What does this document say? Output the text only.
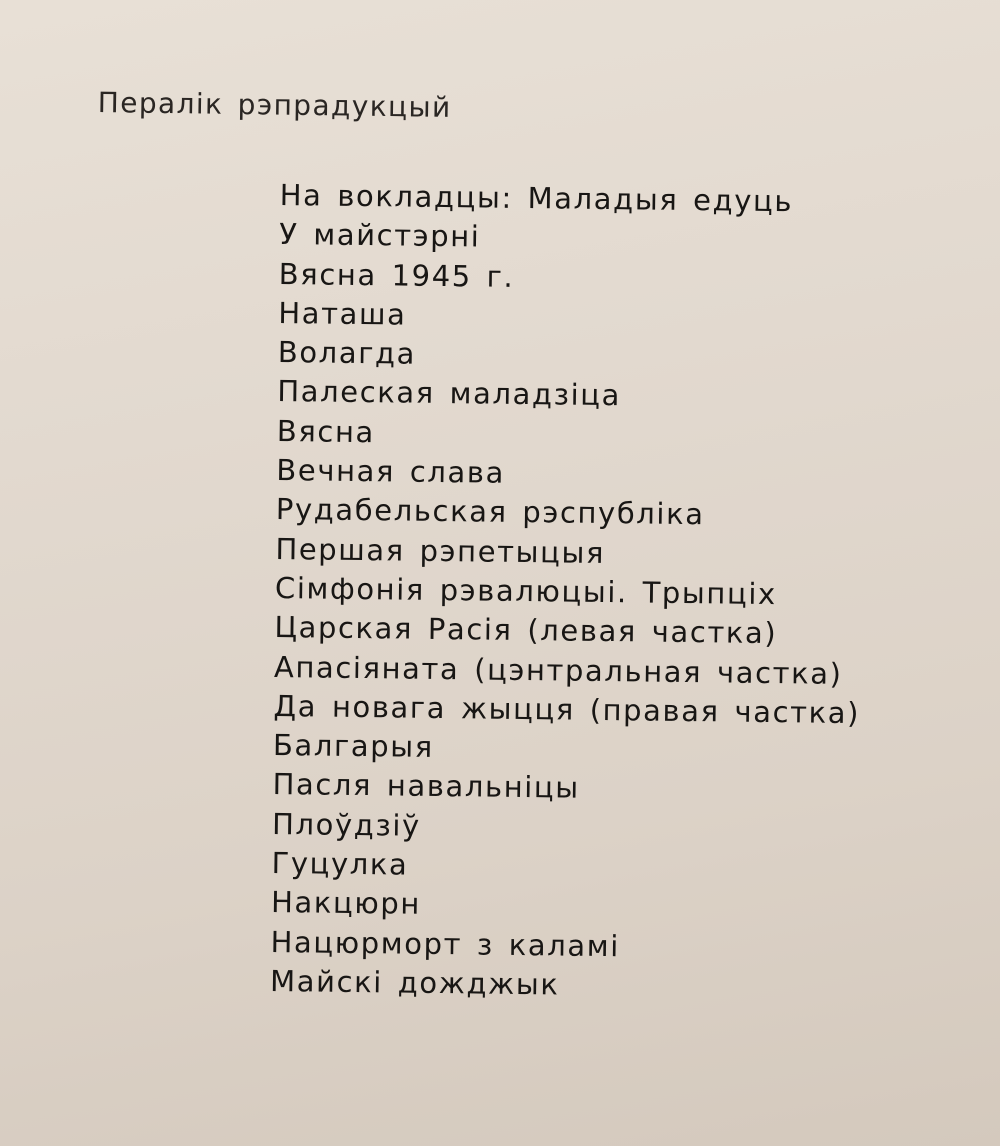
Пералік рэпрадукцый
На вокладцы: Маладыя едуць
У майстэрні
Вясна 1945 г.
Наташа
Волагда
Палеская маладзіца
Вясна
Вечная слава
Рудабельская рэспубліка
Першая рэпетыцыя
Сімфонія рэвалюцыі. Трыпціх
Царская Расія (левая частка)
Апасіяната (цэнтральная частка)
Да новага жыцця (правая частка)
Балгарыя
Пасля навальніцы
Плоўдзіў
Гуцулка
Накцюрн
Нацюрморт з каламі
Майскі дожджык
